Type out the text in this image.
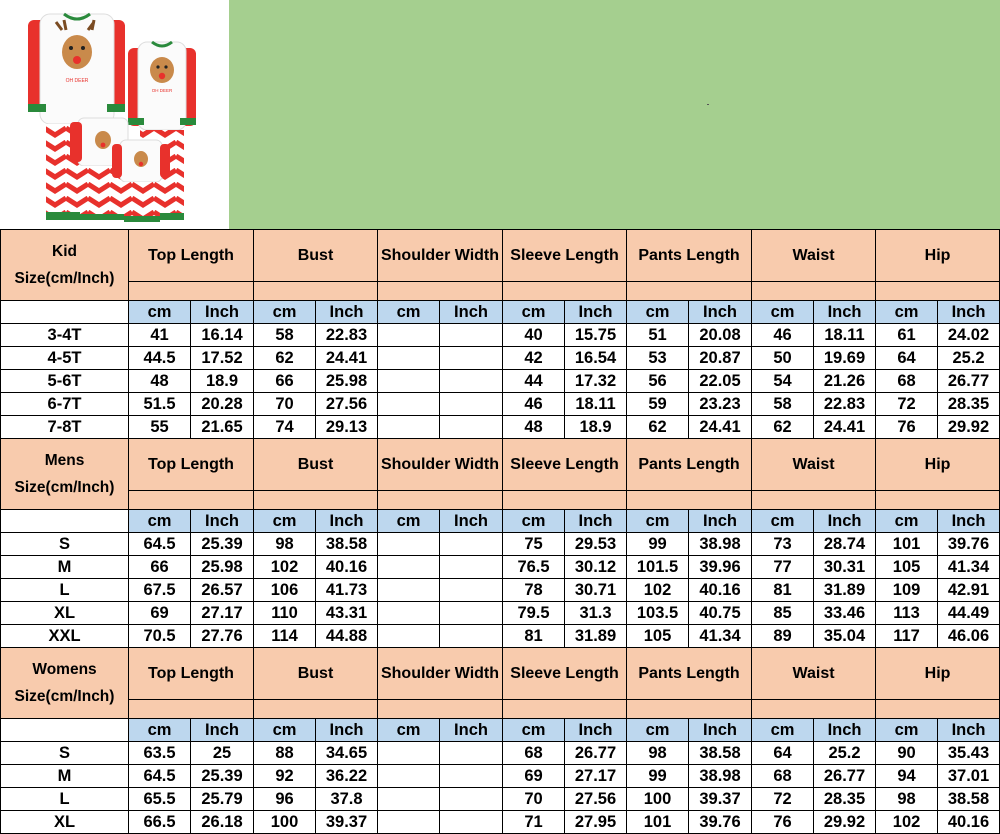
OH DEER
OH DEER
Kid Size(cm/Inch)	Top Length		Bust		Shoulder Width		Sleeve Length		Pants Length		Waist		Hip	

	cm	Inch	cm	Inch	cm	Inch	cm	Inch	cm	Inch	cm	Inch	cm	Inch
3-4T	41	16.14	58	22.83			40	15.75	51	20.08	46	18.11	61	24.02
4-5T	44.5	17.52	62	24.41			42	16.54	53	20.87	50	19.69	64	25.2
5-6T	48	18.9	66	25.98			44	17.32	56	22.05	54	21.26	68	26.77
6-7T	51.5	20.28	70	27.56			46	18.11	59	23.23	58	22.83	72	28.35
7-8T	55	21.65	74	29.13			48	18.9	62	24.41	62	24.41	76	29.92
Mens Size(cm/Inch)	Top Length		Bust		Shoulder Width		Sleeve Length		Pants Length		Waist		Hip	

	cm	Inch	cm	Inch	cm	Inch	cm	Inch	cm	Inch	cm	Inch	cm	Inch
S	64.5	25.39	98	38.58			75	29.53	99	38.98	73	28.74	101	39.76
M	66	25.98	102	40.16			76.5	30.12	101.5	39.96	77	30.31	105	41.34
L	67.5	26.57	106	41.73			78	30.71	102	40.16	81	31.89	109	42.91
XL	69	27.17	110	43.31			79.5	31.3	103.5	40.75	85	33.46	113	44.49
XXL	70.5	27.76	114	44.88			81	31.89	105	41.34	89	35.04	117	46.06
Womens Size(cm/Inch)	Top Length		Bust		Shoulder Width		Sleeve Length		Pants Length		Waist		Hip	

	cm	Inch	cm	Inch	cm	Inch	cm	Inch	cm	Inch	cm	Inch	cm	Inch
S	63.5	25	88	34.65			68	26.77	98	38.58	64	25.2	90	35.43
M	64.5	25.39	92	36.22			69	27.17	99	38.98	68	26.77	94	37.01
L	65.5	25.79	96	37.8			70	27.56	100	39.37	72	28.35	98	38.58
XL	66.5	26.18	100	39.37			71	27.95	101	39.76	76	29.92	102	40.16
